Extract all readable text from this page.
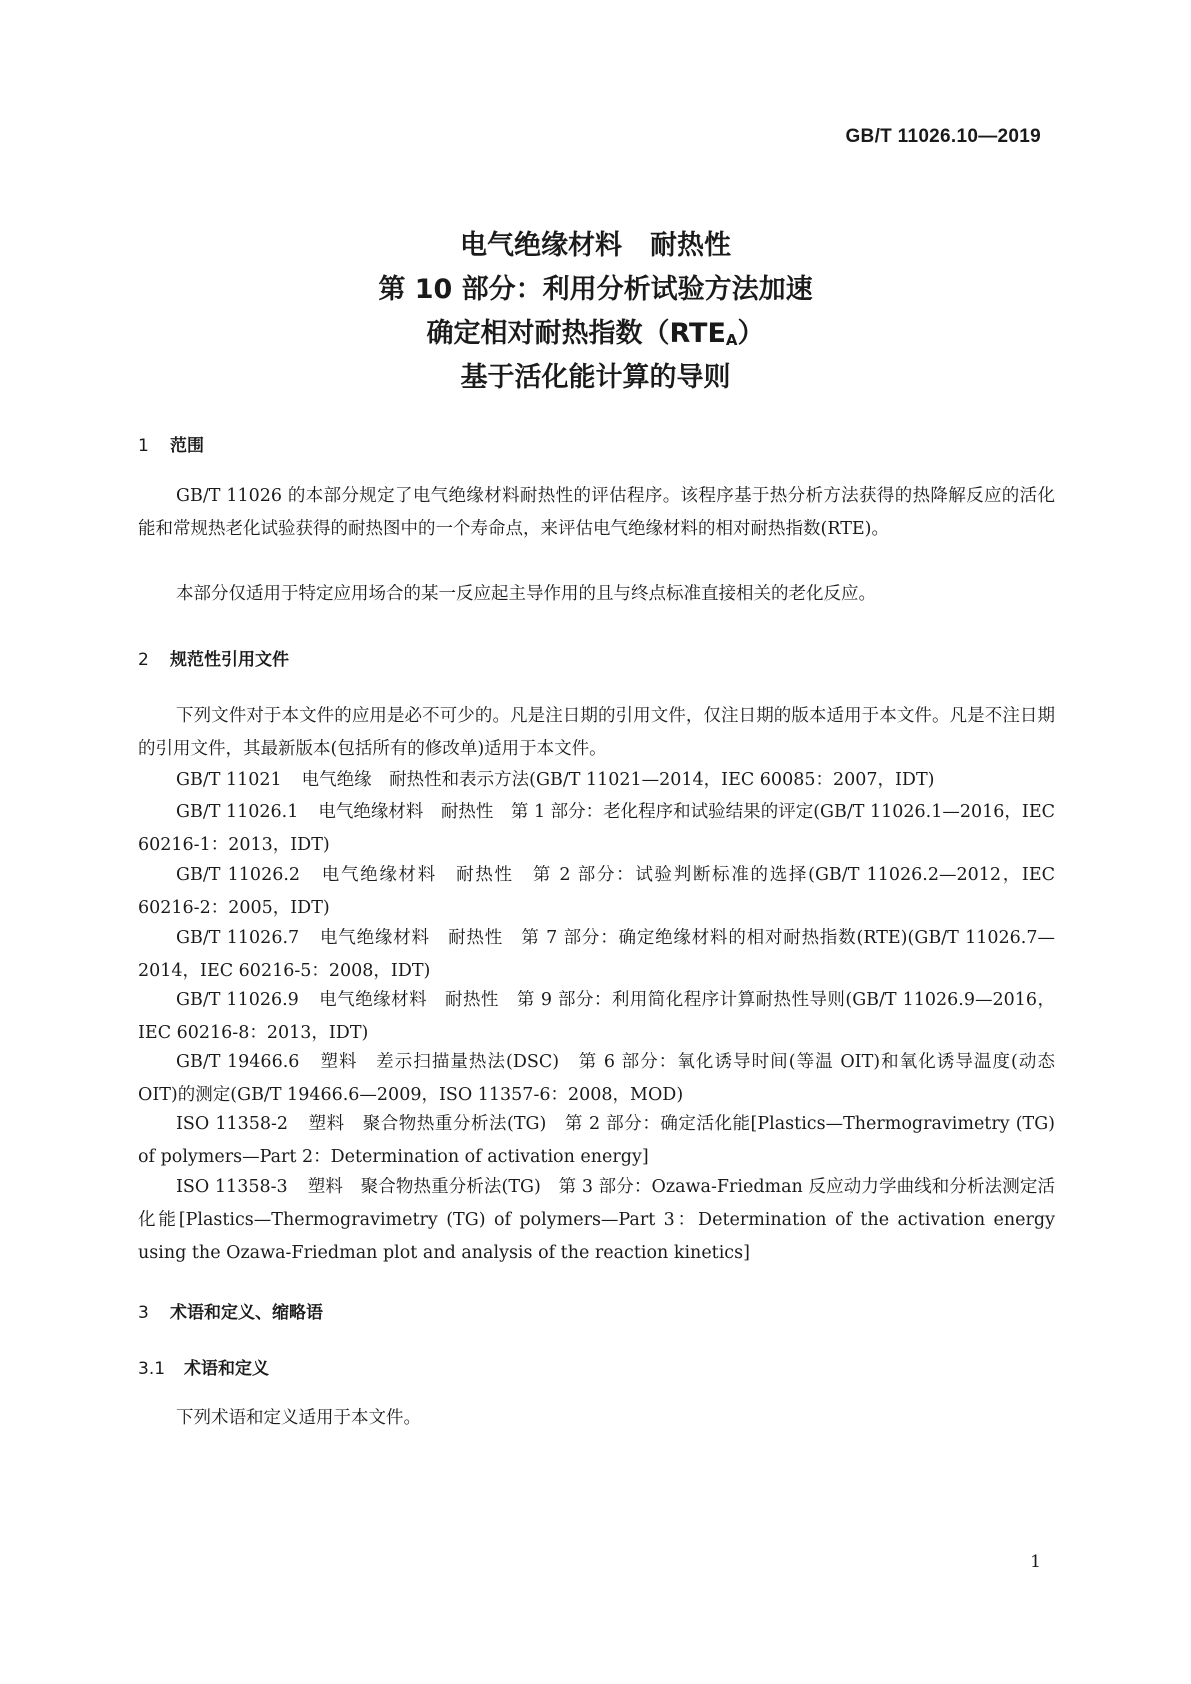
GB/T 11026.10—2019
电气绝缘材料 耐热性
第 10 部分：利用分析试验方法加速
确定相对耐热指数$(RTE_A)$
基于活化能计算的导则
1 范围

GB/T 11026 的本部分规定了电气绝缘材料耐热性的评估程序。该程序基于热分析方法获得的热降解反应的活化能和常规热老化试验获得的耐热图中的一个寿命点，来评估电气绝缘材料的相对耐热指数(RTE)。

本部分仅适用于特定应用场合的某一反应起主导作用的且与终点标准直接相关的老化反应。

2 规范性引用文件

下列文件对于本文件的应用是必不可少的。凡是注日期的引用文件，仅注日期的版本适用于本文件。凡是不注日期的引用文件，其最新版本(包括所有的修改单)适用于本文件。

GB/T 11021 电气绝缘　耐热性和表示方法(GB/T 11021—2014，IEC 60085：2007，IDT)

GB/T 11026.1 电气绝缘材料　耐热性　第 1 部分：老化程序和试验结果的评定(GB/T 11026.1—2016，IEC 60216-1：2013，IDT)

GB/T 11026.2 电气绝缘材料　耐热性　第 2 部分：试验判断标准的选择(GB/T 11026.2—2012，IEC 60216-2：2005，IDT)

GB/T 11026.7 电气绝缘材料　耐热性　第 7 部分：确定绝缘材料的相对耐热指数(RTE)(GB/T 11026.7—2014，IEC 60216-5：2008，IDT)

GB/T 11026.9 电气绝缘材料　耐热性　第 9 部分：利用简化程序计算耐热性导则(GB/T 11026.9—2016，IEC 60216-8：2013，IDT)

GB/T 19466.6 塑料　差示扫描量热法(DSC)　第 6 部分：氧化诱导时间(等温 OIT)和氧化诱导温度(动态 OIT)的测定(GB/T 19466.6—2009，ISO 11357-6：2008，MOD)

ISO 11358-2 塑料　聚合物热重分析法(TG)　第 2 部分：确定活化能[Plastics—Thermogravimetry (TG) of polymers—Part 2：Determination of activation energy]

ISO 11358-3 塑料　聚合物热重分析法(TG)　第 3 部分：Ozawa-Friedman 反应动力学曲线和分析法测定活化能[Plastics—Thermogravimetry (TG) of polymers—Part 3：Determination of the activation energy using the Ozawa-Friedman plot and analysis of the reaction kinetics]

3 术语和定义、缩略语
3.1 术语和定义

下列术语和定义适用于本文件。

1
